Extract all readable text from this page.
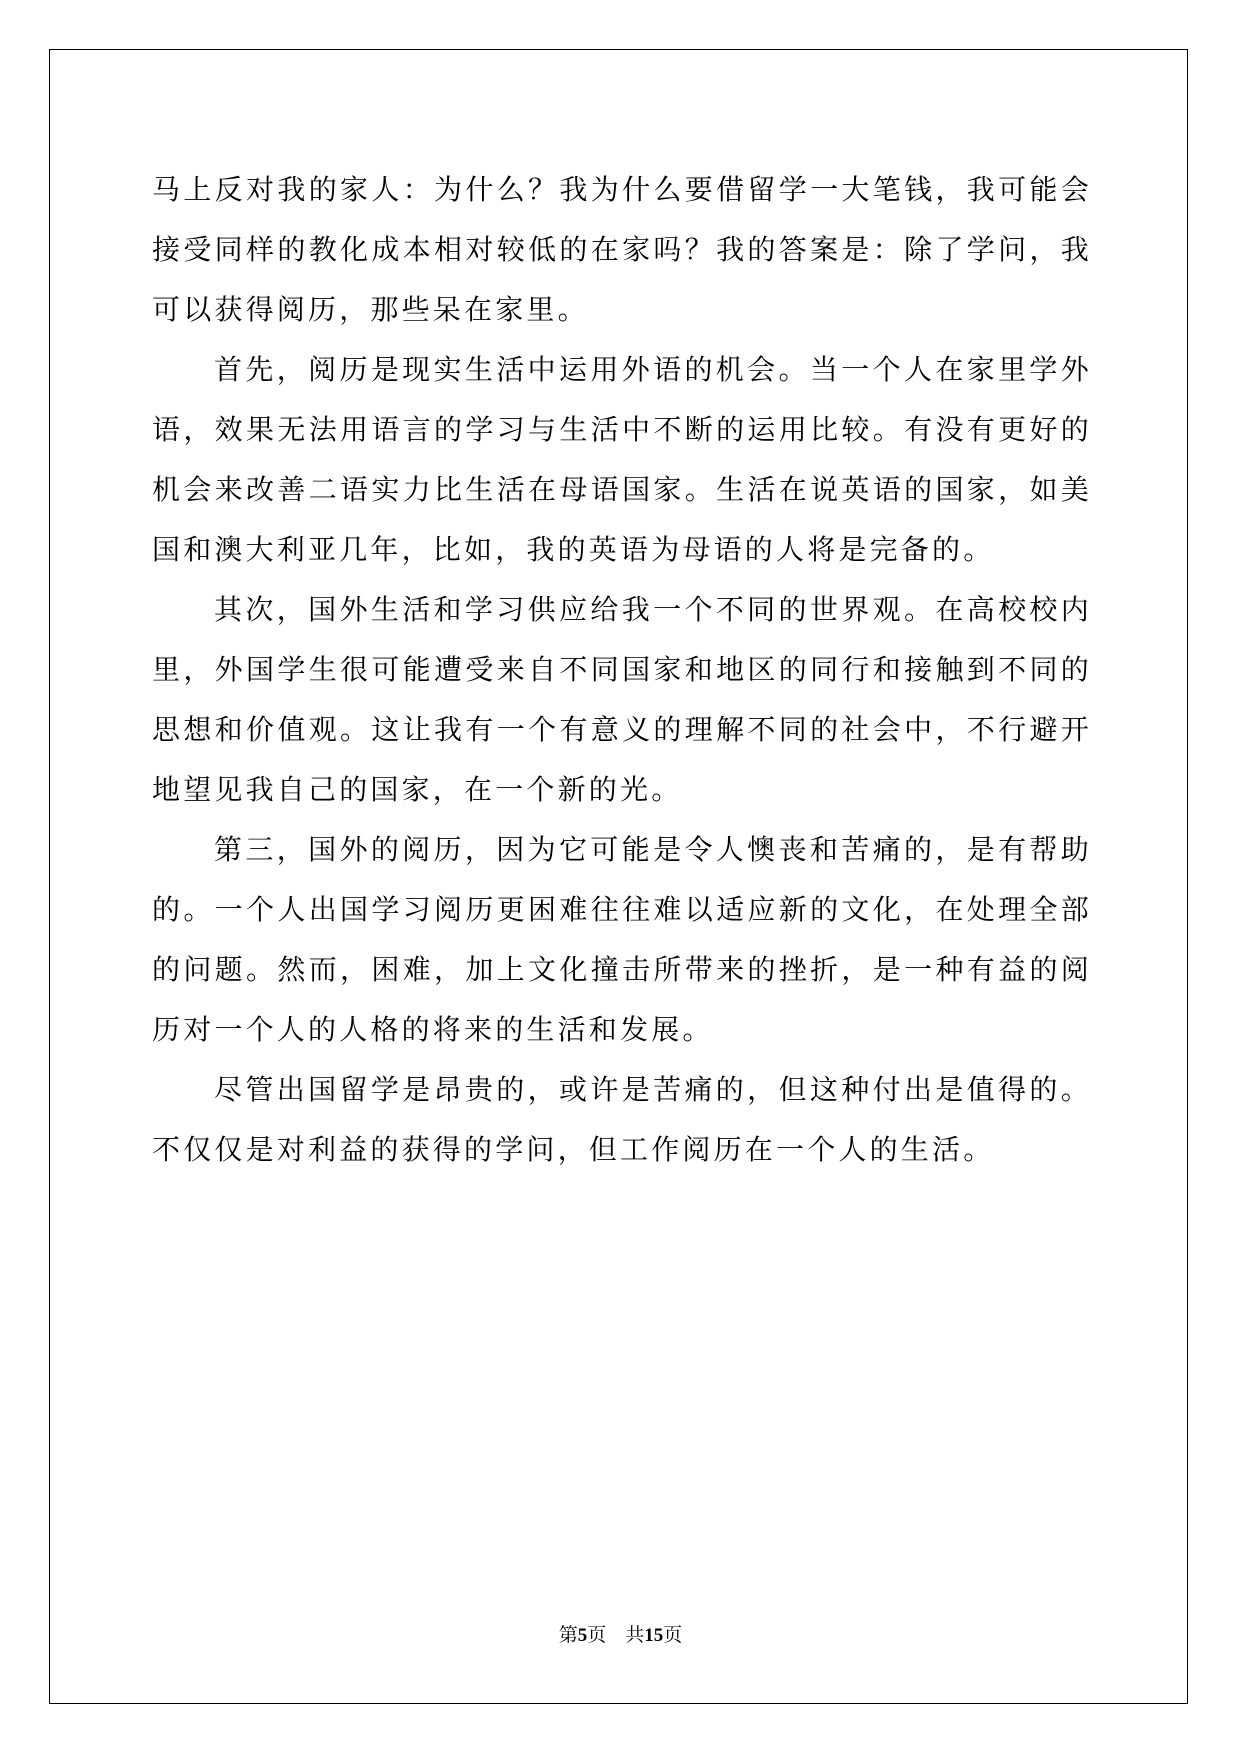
马上反对我的家人：为什么？我为什么要借留学一大笔钱，我可能会接受同样的教化成本相对较低的在家吗？我的答案是：除了学问，我可以获得阅历，那些呆在家里。

首先，阅历是现实生活中运用外语的机会。当一个人在家里学外语，效果无法用语言的学习与生活中不断的运用比较。有没有更好的机会来改善二语实力比生活在母语国家。生活在说英语的国家，如美国和澳大利亚几年，比如，我的英语为母语的人将是完备的。

其次，国外生活和学习供应给我一个不同的世界观。在高校校内里，外国学生很可能遭受来自不同国家和地区的同行和接触到不同的思想和价值观。这让我有一个有意义的理解不同的社会中，不行避开地望见我自己的国家，在一个新的光。

第三，国外的阅历，因为它可能是令人懊丧和苦痛的，是有帮助的。一个人出国学习阅历更困难往往难以适应新的文化，在处理全部的问题。然而，困难，加上文化撞击所带来的挫折，是一种有益的阅历对一个人的人格的将来的生活和发展。

尽管出国留学是昂贵的，或许是苦痛的，但这种付出是值得的。不仅仅是对利益的获得的学问，但工作阅历在一个人的生活。

第5页 共15页
